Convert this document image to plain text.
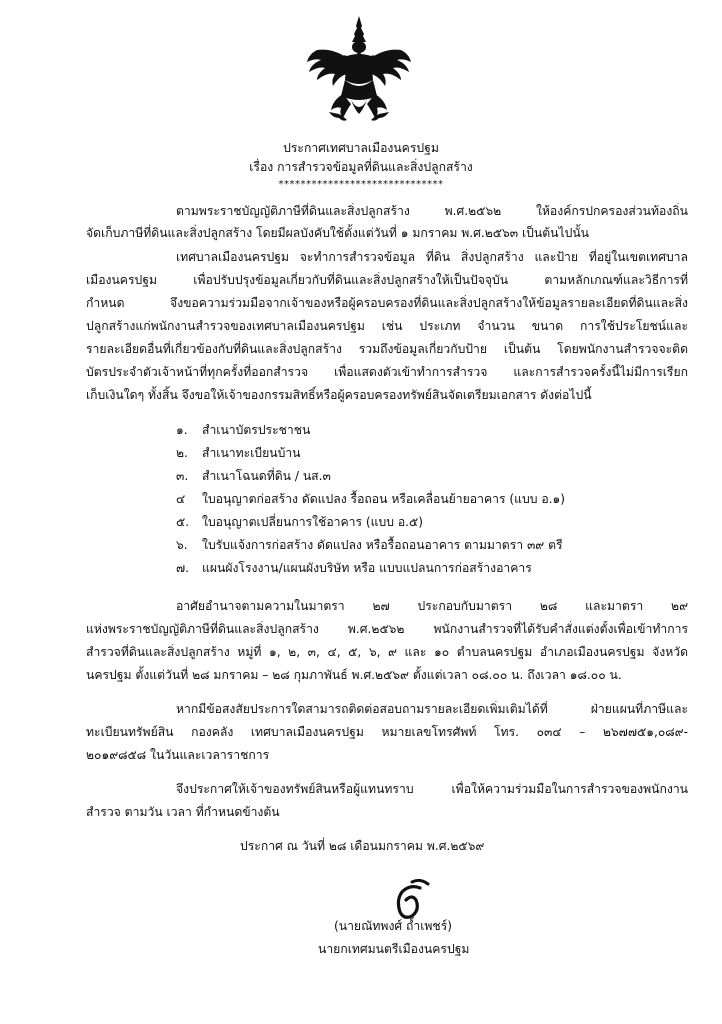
ประกาศเทศบาลเมืองนครปฐม
เรื่อง การสำรวจข้อมูลที่ดินและสิ่งปลูกสร้าง
******************************
ตามพระราชบัญญัติภาษีที่ดินและสิ่งปลูกสร้าง พ.ศ.๒๕๖๒ ให้องค์กรปกครองส่วนท้องถิ่น
จัดเก็บภาษีที่ดินและสิ่งปลูกสร้าง โดยมีผลบังคับใช้ตั้งแต่วันที่ ๑ มกราคม พ.ศ.๒๕๖๓ เป็นต้นไปนั้น
เทศบาลเมืองนครปฐม จะทำการสำรวจข้อมูล ที่ดิน สิ่งปลูกสร้าง และป้าย ที่อยู่ในเขตเทศบาล
เมืองนครปฐม เพื่อปรับปรุงข้อมูลเกี่ยวกับที่ดินและสิ่งปลูกสร้างให้เป็นปัจจุบัน ตามหลักเกณฑ์และวิธีการที่
กำหนด จึงขอความร่วมมือจากเจ้าของหรือผู้ครอบครองที่ดินและสิ่งปลูกสร้างให้ข้อมูลรายละเอียดที่ดินและสิ่ง
ปลูกสร้างแก่พนักงานสำรวจของเทศบาลเมืองนครปฐม เช่น ประเภท จำนวน ขนาด การใช้ประโยชน์และ
รายละเอียดอื่นที่เกี่ยวข้องกับที่ดินและสิ่งปลูกสร้าง รวมถึงข้อมูลเกี่ยวกับป้าย เป็นต้น โดยพนักงานสำรวจจะติด
บัตรประจำตัวเจ้าหน้าที่ทุกครั้งที่ออกสำรวจ เพื่อแสดงตัวเข้าทำการสำรวจ และการสำรวจครั้งนี้ไม่มีการเรียก
เก็บเงินใดๆ ทั้งสิ้น จึงขอให้เจ้าของกรรมสิทธิ์หรือผู้ครอบครองทรัพย์สินจัดเตรียมเอกสาร ดังต่อไปนี้
๑. สำเนาบัตรประชาชน
๒. สำเนาทะเบียนบ้าน
๓. สำเนาโฉนดที่ดิน / นส.๓
๔ ใบอนุญาตก่อสร้าง ดัดแปลง รื้อถอน หรือเคลื่อนย้ายอาคาร (แบบ อ.๑)
๕. ใบอนุญาตเปลี่ยนการใช้อาคาร (แบบ อ.๕)
๖. ใบรับแจ้งการก่อสร้าง ดัดแปลง หรือรื้อถอนอาคาร ตามมาตรา ๓๙ ตรี
๗. แผนผังโรงงาน/แผนผังบริษัท หรือ แบบแปลนการก่อสร้างอาคาร
อาศัยอำนาจตามความในมาตรา ๒๗ ประกอบกับมาตรา ๒๘ และมาตรา ๒๙
แห่งพระราชบัญญัติภาษีที่ดินและสิ่งปลูกสร้าง พ.ศ.๒๕๖๒ พนักงานสำรวจที่ได้รับคำสั่งแต่งตั้งเพื่อเข้าทำการ
สำรวจที่ดินและสิ่งปลูกสร้าง หมู่ที่ ๑, ๒, ๓, ๔, ๕, ๖, ๙ และ ๑๐ ตำบลนครปฐม อำเภอเมืองนครปฐม จังหวัด
นครปฐม ตั้งแต่วันที่ ๒๘ มกราคม – ๒๘ กุมภาพันธ์ พ.ศ.๒๕๖๙ ตั้งแต่เวลา ๐๘.๐๐ น. ถึงเวลา ๑๘.๐๐ น.
หากมีข้อสงสัยประการใดสามารถติดต่อสอบถามรายละเอียดเพิ่มเติมได้ที่ ฝ่ายแผนที่ภาษีและ
ทะเบียนทรัพย์สิน กองคลัง เทศบาลเมืองนครปฐม หมายเลขโทรศัพท์ โทร. ๐๓๔ – ๒๖๗๗๕๑,๐๘๙-
๒๐๑๙๘๕๘ ในวันและเวลาราชการ
จึงประกาศให้เจ้าของทรัพย์สินหรือผู้แทนทราบ เพื่อให้ความร่วมมือในการสำรวจของพนักงาน
สำรวจ ตามวัน เวลา ที่กำหนดข้างต้น
ประกาศ ณ วันที่ ๒๘ เดือนมกราคม พ.ศ.๒๕๖๙
(นายณัทพงศ์ ถ้ำเพชร์)
นายกเทศมนตรีเมืองนครปฐม
